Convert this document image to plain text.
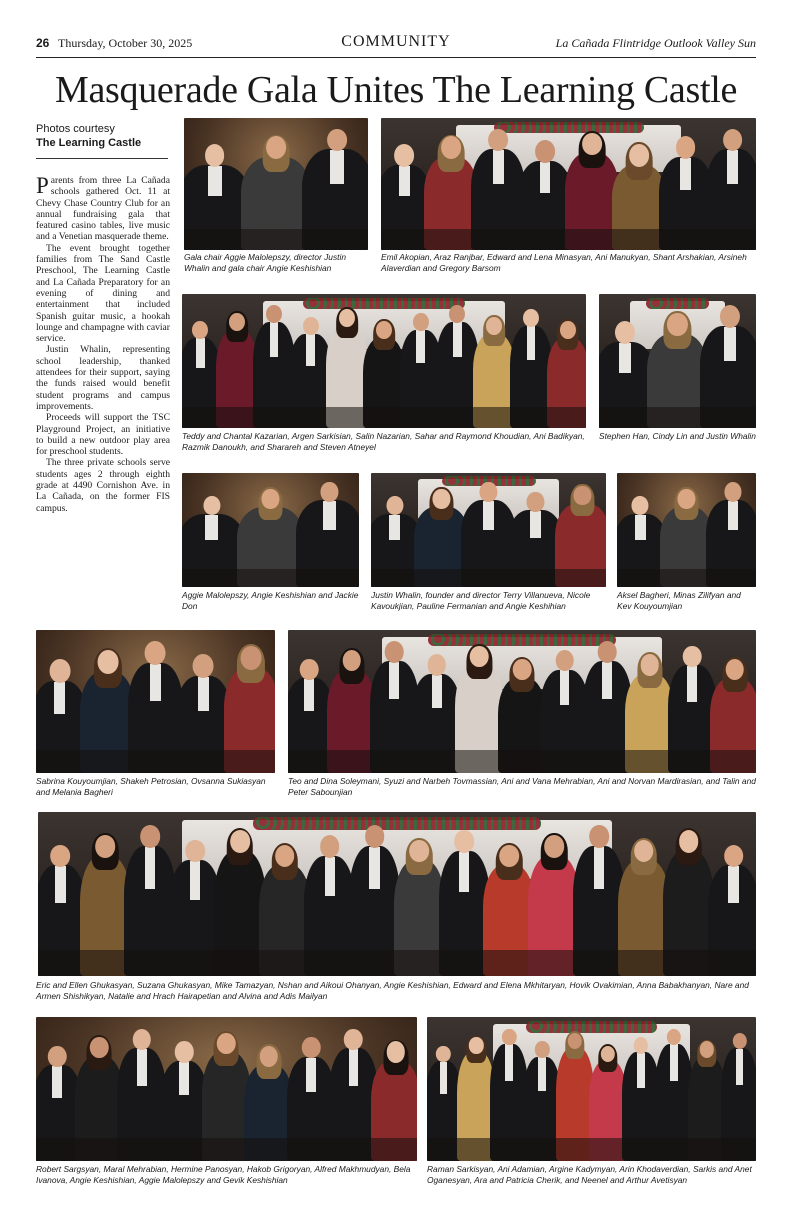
26 Thursday, October 30, 2025	COMMUNITY	La Cañada Flintridge Outlook Valley Sun
Masquerade Gala Unites The Learning Castle
Photos courtesy
The Learning Castle

Parents from three La Cañada schools gathered Oct. 11 at Chevy Chase Country Club for an annual fundraising gala that featured casino tables, live music and a Venetian masquerade theme.

The event brought together families from The Sand Castle Preschool, The Learning Castle and La Cañada Preparatory for an evening of dining and entertainment that included Spanish guitar music, a hookah lounge and champagne with caviar service.

Justin Whalin, representing school leadership, thanked attendees for their support, saying the funds raised would benefit student programs and campus improvements.

Proceeds will support the TSC Playground Project, an initiative to build a new outdoor play area for preschool students.

The three private schools serve students ages 2 through eighth grade at 4490 Cornishon Ave. in La Cañada, on the former FIS campus.

Gala chair Aggie Malolepszy, director Justin Whalin and gala chair Angie Keshishian
Emil Akopian, Araz Ranjbar, Edward and Lena Minasyan, Ani Manukyan, Shant Arshakian, Arsineh Alaverdian and Gregory Barsom
Teddy and Chantal Kazarian, Argen Sarkisian, Salin Nazarian, Sahar and Raymond Khoudian, Ani Badikyan, Razmik Danoukh, and Sharareh and Steven Atneyel
Stephen Han, Cindy Lin and Justin Whalin
Aggie Malolepszy, Angie Keshishian and Jackie Don
Justin Whalin, founder and director Terry Villanueva, Nicole Kavoukjian, Pauline Fermanian and Angie Keshihian
Aksel Bagheri, Minas Zilifyan and Kev Kouyoumjian
Sabrina Kouyoumjian, Shakeh Petrosian, Ovsanna Sukiasyan and Melania Bagheri
Teo and Dina Soleymani, Syuzi and Narbeh Tovmassian, Ani and Vana Mehrabian, Ani and Norvan Mardirasian, and Talin and Peter Sabounjian
Eric and Ellen Ghukasyan, Suzana Ghukasyan, Mike Tamazyan, Nshan and Aikoui Ohanyan, Angie Keshishian, Edward and Elena Mkhitaryan, Hovik Ovakimian, Anna Babakhanyan, Nare and Armen Shishikyan, Natalie and Hrach Hairapetian and Alvina and Adis Mailyan
Robert Sargsyan, Maral Mehrabian, Hermine Panosyan, Hakob Grigoryan, Alfred Makhmudyan, Bela Ivanova, Angie Keshishian, Aggie Malolepszy and Gevik Keshishian
Raman Sarkisyan, Ani Adamian, Argine Kadymyan, Arin Khodaverdian, Sarkis and Anet Oganesyan, Ara and Patricia Cherik, and Neenel and Arthur Avetisyan
